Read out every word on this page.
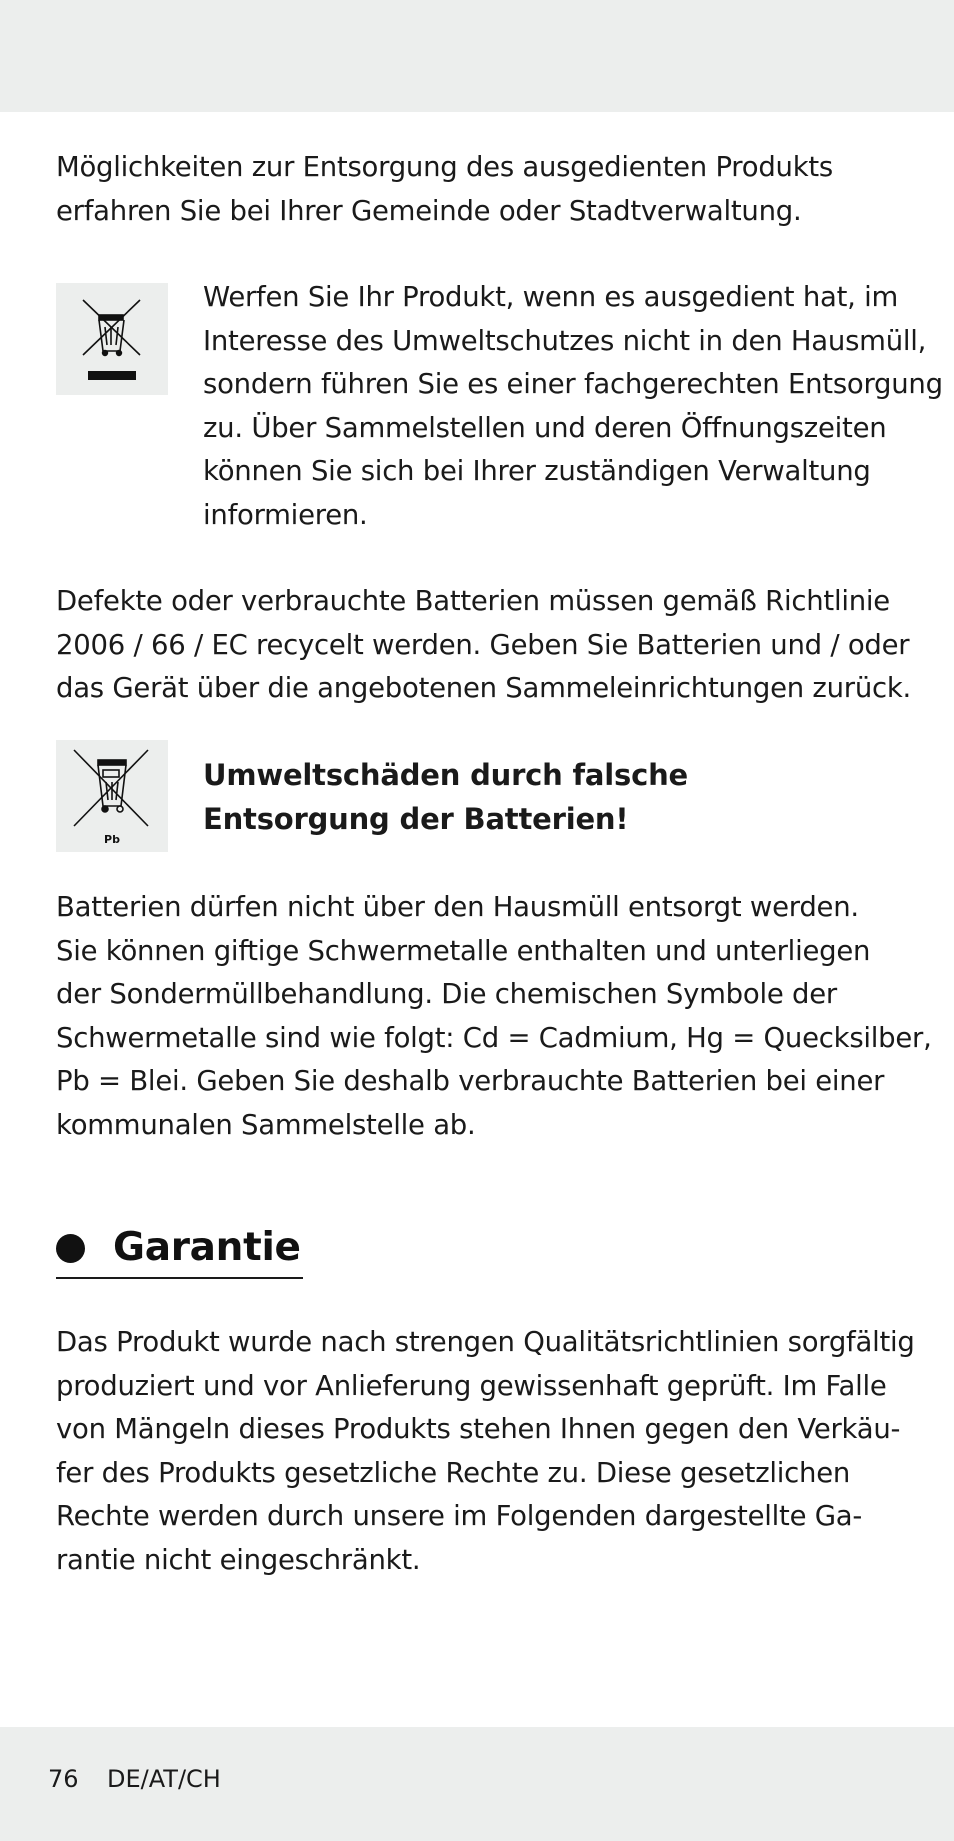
Möglichkeiten zur Entsorgung des ausgedienten Produkts
erfahren Sie bei Ihrer Gemeinde oder Stadtverwaltung.

Werfen Sie Ihr Produkt, wenn es ausgedient hat, im
Interesse des Umweltschutzes nicht in den Hausmüll,
sondern führen Sie es einer fachgerechten Entsorgung
zu. Über Sammelstellen und deren Öffnungszeiten
können Sie sich bei Ihrer zuständigen Verwaltung
informieren.

Defekte oder verbrauchte Batterien müssen gemäß Richtlinie
2006 / 66 / EC recycelt werden. Geben Sie Batterien und / oder
das Gerät über die angebotenen Sammeleinrichtungen zurück.

Pb

Umweltschäden durch falsche
Entsorgung der Batterien!

Batterien dürfen nicht über den Hausmüll entsorgt werden.
Sie können giftige Schwermetalle enthalten und unterliegen
der Sondermüllbehandlung. Die chemischen Symbole der
Schwermetalle sind wie folgt: Cd = Cadmium, Hg = Quecksilber,
Pb = Blei. Geben Sie deshalb verbrauchte Batterien bei einer
kommunalen Sammelstelle ab.

Garantie

Das Produkt wurde nach strengen Qualitätsrichtlinien sorgfältig
produziert und vor Anlieferung gewissenhaft geprüft. Im Falle
von Mängeln dieses Produkts stehen Ihnen gegen den Verkäu-
fer des Produkts gesetzliche Rechte zu. Diese gesetzlichen
Rechte werden durch unsere im Folgenden dargestellte Ga-
rantie nicht eingeschränkt.

76 DE/AT/CH
